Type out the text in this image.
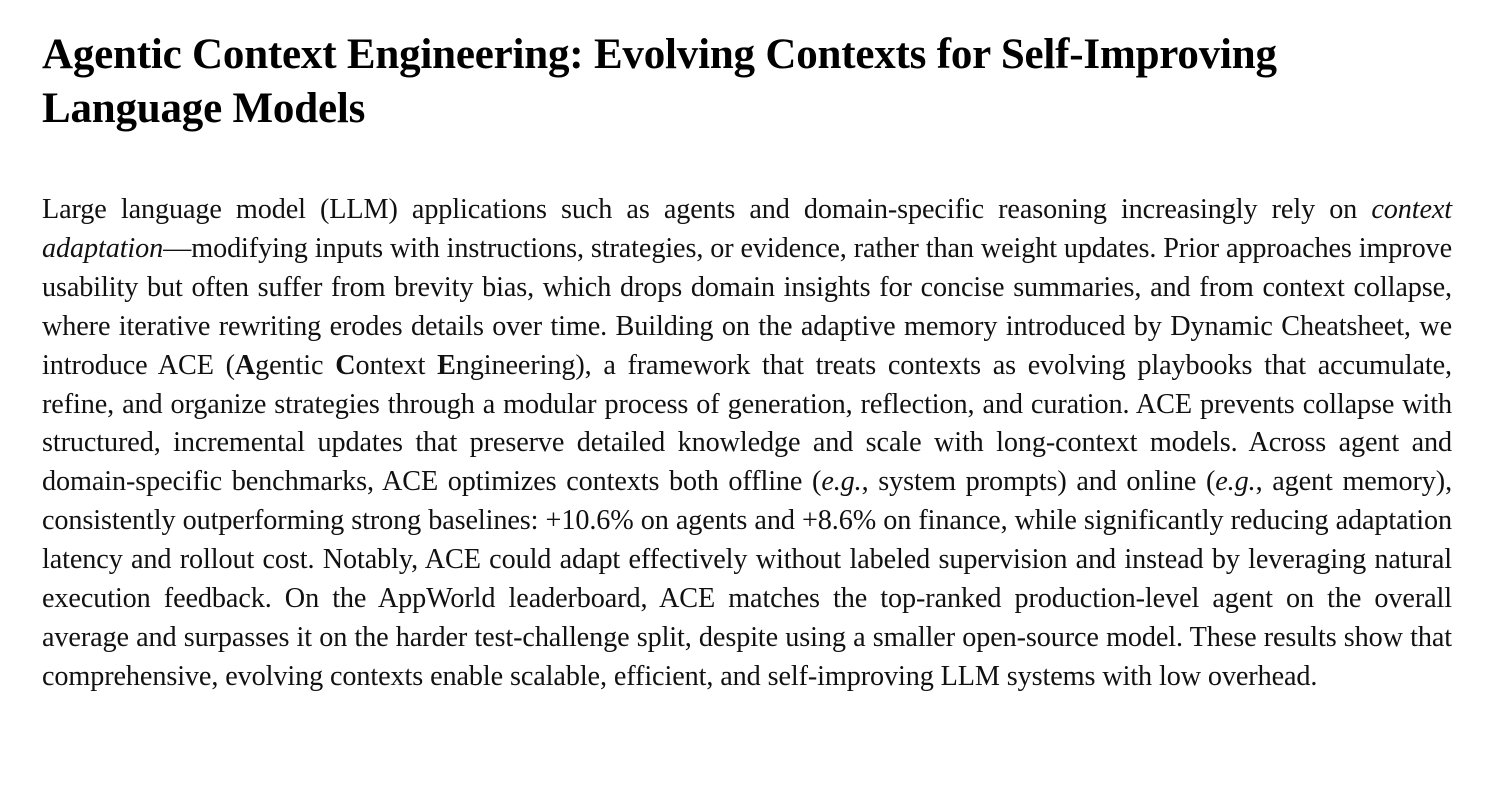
Agentic Context Engineering: Evolving Contexts for Self-Improving Language Models

Large language model (LLM) applications such as agents and domain-specific reasoning increasingly rely on context adaptation—modifying inputs with instructions, strategies, or evidence, rather than weight updates. Prior approaches improve usability but often suffer from brevity bias, which drops domain insights for concise summaries, and from context collapse, where iterative rewriting erodes details over time. Building on the adaptive memory introduced by Dynamic Cheatsheet, we introduce ACE (Agentic Context Engineering), a framework that treats contexts as evolving playbooks that accumulate, refine, and organize strategies through a modular process of generation, reflection, and curation. ACE prevents collapse with structured, incremental updates that preserve detailed knowledge and scale with long-context models. Across agent and domain-specific benchmarks, ACE optimizes contexts both offline (e.g., system prompts) and online (e.g., agent memory), consistently outperforming strong baselines: +10.6% on agents and +8.6% on finance, while significantly reducing adaptation latency and rollout cost. Notably, ACE could adapt effectively without labeled supervision and instead by leveraging natural execution feedback. On the AppWorld leaderboard, ACE matches the top-ranked production-level agent on the overall average and surpasses it on the harder test-challenge split, despite using a smaller open-source model. These results show that comprehensive, evolving contexts enable scalable, efficient, and self-improving LLM systems with low overhead.
